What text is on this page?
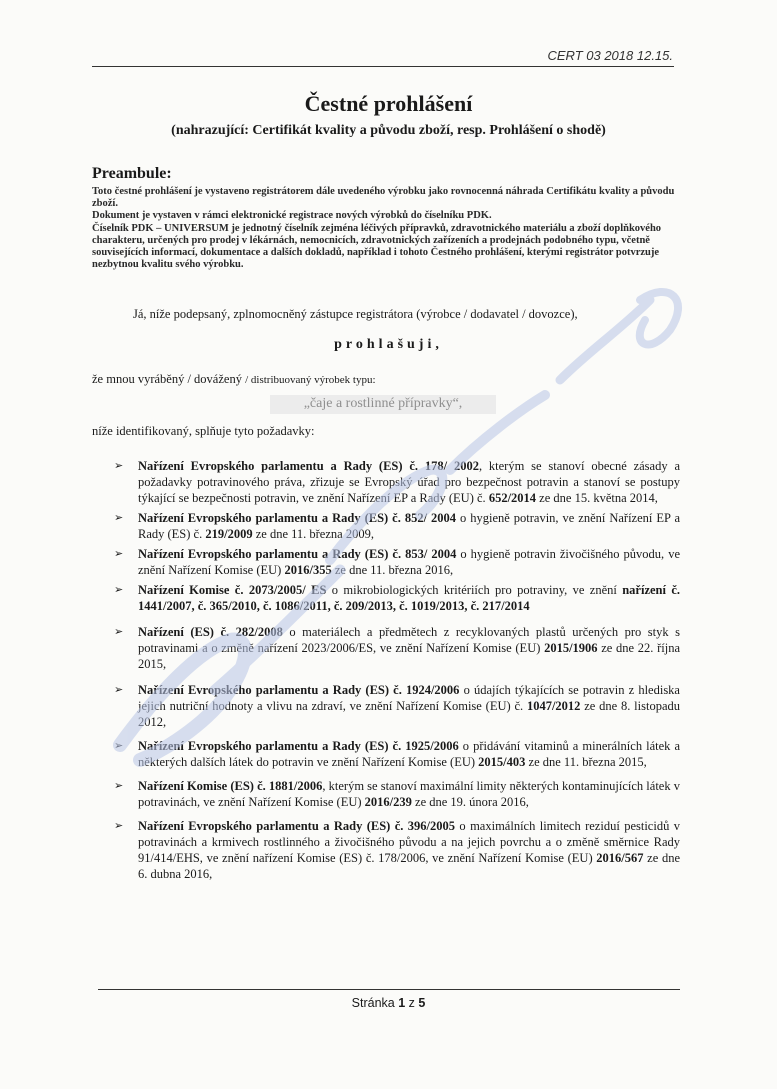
CERT 03 2018 12.15.
Čestné prohlášení
(nahrazující: Certifikát kvality a původu zboží, resp. Prohlášení o shodě)
Preambule:

Toto čestné prohlášení je vystaveno registrátorem dále uvedeného výrobku jako rovnocenná náhrada Certifikátu kvality a původu zboží.

Dokument je vystaven v rámci elektronické registrace nových výrobků do číselníku PDK.

Číselník PDK – UNIVERSUM je jednotný číselník zejména léčivých přípravků, zdravotnického materiálu a zboží doplňkového charakteru, určených pro prodej v lékárnách, nemocnicích, zdravotnických zařízeních a prodejnách podobného typu, včetně souvisejících informací, dokumentace a dalších dokladů, například i tohoto Čestného prohlášení, kterými registrátor potvrzuje nezbytnou kvalitu svého výrobku.

Já, níže podepsaný, zplnomocněný zástupce registrátora (výrobce / dodavatel / dovozce),
prohlašuji,
že mnou vyráběný / dovážený / distribuovaný výrobek typu:
„čaje a rostlinné přípravky“,
níže identifikovaný, splňuje tyto požadavky:
➢ Nařízení Evropského parlamentu a Rady (ES) č. 178/ 2002, kterým se stanoví obecné zásady a požadavky potravinového práva, zřizuje se Evropský úřad pro bezpečnost potravin a stanoví se postupy týkající se bezpečnosti potravin, ve znění Nařízení EP a Rady (EU) č. 652/2014 ze dne 15. května 2014,
➢ Nařízení Evropského parlamentu a Rady (ES) č. 852/ 2004 o hygieně potravin, ve znění Nařízení EP a Rady (ES) č. 219/2009 ze dne 11. března 2009,
➢ Nařízení Evropského parlamentu a Rady (ES) č. 853/ 2004 o hygieně potravin živočišného původu, ve znění Nařízení Komise (EU) 2016/355 ze dne 11. března 2016,
➢ Nařízení Komise č. 2073/2005/ ES o mikrobiologických kritériích pro potraviny, ve znění nařízení č. 1441/2007, č. 365/2010, č. 1086/2011, č. 209/2013, č. 1019/2013, č. 217/2014
➢ Nařízení (ES) č. 282/2008 o materiálech a předmětech z recyklovaných plastů určených pro styk s potravinami a o změně nařízení 2023/2006/ES, ve znění Nařízení Komise (EU) 2015/1906 ze dne 22. října 2015,
➢ Nařízení Evropského parlamentu a Rady (ES) č. 1924/2006 o údajích týkajících se potravin z hlediska jejich nutriční hodnoty a vlivu na zdraví, ve znění Nařízení Komise (EU) č. 1047/2012 ze dne 8. listopadu 2012,
➢ Nařízení Evropského parlamentu a Rady (ES) č. 1925/2006 o přidávání vitaminů a minerálních látek a některých dalších látek do potravin ve znění Nařízení Komise (EU) 2015/403 ze dne 11. března 2015,
➢ Nařízení Komise (ES) č. 1881/2006, kterým se stanoví maximální limity některých kontaminujících látek v potravinách, ve znění Nařízení Komise (EU) 2016/239 ze dne 19. února 2016,
➢ Nařízení Evropského parlamentu a Rady (ES) č. 396/2005 o maximálních limitech reziduí pesticidů v potravinách a krmivech rostlinného a živočišného původu a na jejich povrchu a o změně směrnice Rady 91/414/EHS, ve znění nařízení Komise (ES) č. 178/2006, ve znění Nařízení Komise (EU) 2016/567 ze dne 6. dubna 2016,
Stránka 1 z 5
